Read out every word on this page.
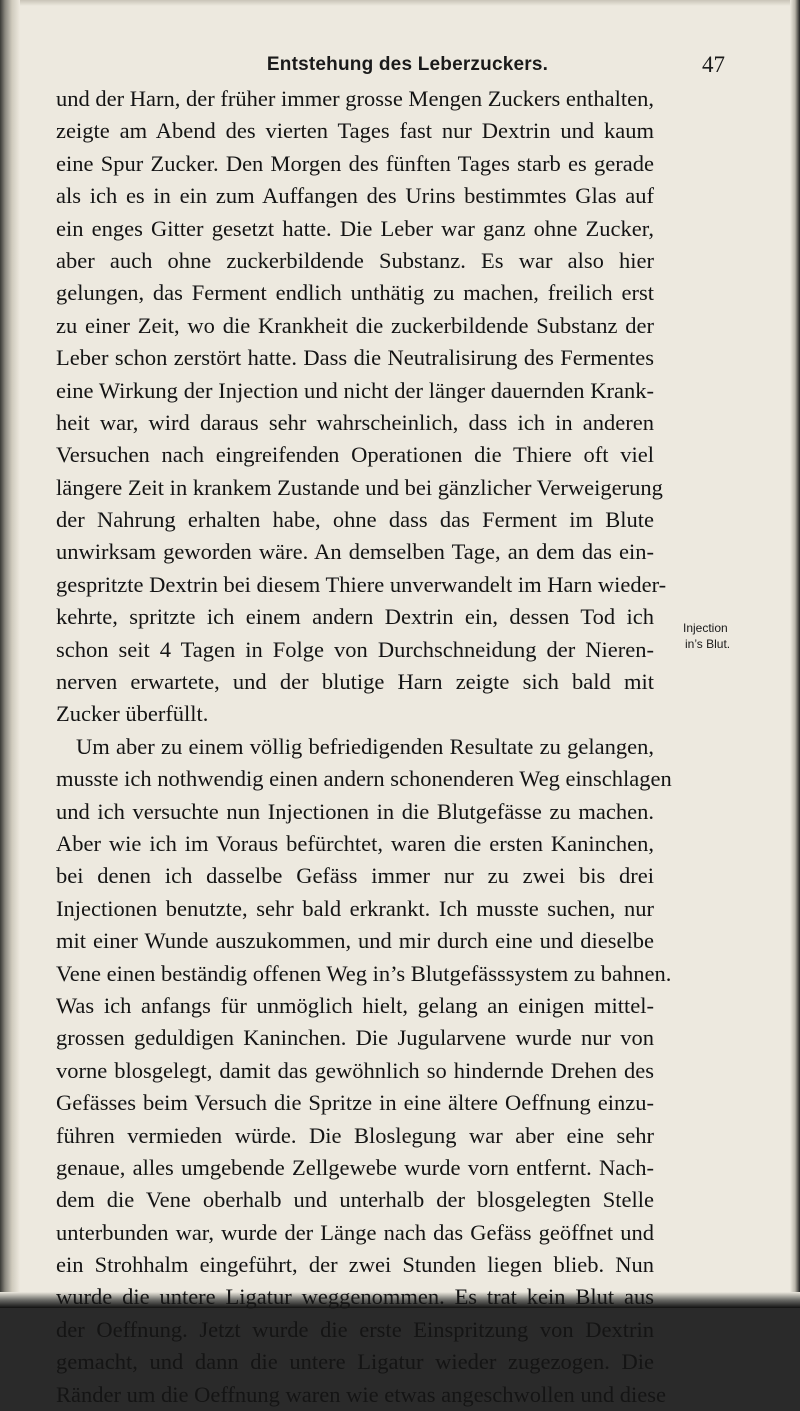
Entstehung des Leberzuckers.	47
und der Harn, der früher immer grosse Mengen Zuckers enthalten,
zeigte am Abend des vierten Tages fast nur Dextrin und kaum
eine Spur Zucker. Den Morgen des fünften Tages starb es gerade
als ich es in ein zum Auffangen des Urins bestimmtes Glas auf
ein enges Gitter gesetzt hatte. Die Leber war ganz ohne Zucker,
aber auch ohne zuckerbildende Substanz. Es war also hier
gelungen, das Ferment endlich unthätig zu machen, freilich erst
zu einer Zeit, wo die Krankheit die zuckerbildende Substanz der
Leber schon zerstört hatte. Dass die Neutralisirung des Fermentes
eine Wirkung der Injection und nicht der länger dauernden Krank-
heit war, wird daraus sehr wahrscheinlich, dass ich in anderen
Versuchen nach eingreifenden Operationen die Thiere oft viel
längere Zeit in krankem Zustande und bei gänzlicher Verweigerung
der Nahrung erhalten habe, ohne dass das Ferment im Blute
unwirksam geworden wäre. An demselben Tage, an dem das ein-
gespritzte Dextrin bei diesem Thiere unverwandelt im Harn wieder-
kehrte, spritzte ich einem andern Dextrin ein, dessen Tod ich
schon seit 4 Tagen in Folge von Durchschneidung der Nieren-
nerven erwartete, und der blutige Harn zeigte sich bald mit
Zucker überfüllt.
Um aber zu einem völlig befriedigenden Resultate zu gelangen,
musste ich nothwendig einen andern schonenderen Weg einschlagen
und ich versuchte nun Injectionen in die Blutgefässe zu machen.
Aber wie ich im Voraus befürchtet, waren die ersten Kaninchen,
bei denen ich dasselbe Gefäss immer nur zu zwei bis drei
Injectionen benutzte, sehr bald erkrankt. Ich musste suchen, nur
mit einer Wunde auszukommen, und mir durch eine und dieselbe
Vene einen beständig offenen Weg in’s Blutgefässsystem zu bahnen.
Was ich anfangs für unmöglich hielt, gelang an einigen mittel-
grossen geduldigen Kaninchen. Die Jugularvene wurde nur von
vorne blosgelegt, damit das gewöhnlich so hindernde Drehen des
Gefässes beim Versuch die Spritze in eine ältere Oeffnung einzu-
führen vermieden würde. Die Bloslegung war aber eine sehr
genaue, alles umgebende Zellgewebe wurde vorn entfernt. Nach-
dem die Vene oberhalb und unterhalb der blosgelegten Stelle
unterbunden war, wurde der Länge nach das Gefäss geöffnet und
ein Strohhalm eingeführt, der zwei Stunden liegen blieb. Nun
wurde die untere Ligatur weggenommen. Es trat kein Blut aus
der Oeffnung. Jetzt wurde die erste Einspritzung von Dextrin
gemacht, und dann die untere Ligatur wieder zugezogen. Die
Ränder um die Oeffnung waren wie etwas angeschwollen und diese
Injection
in’s Blut.
